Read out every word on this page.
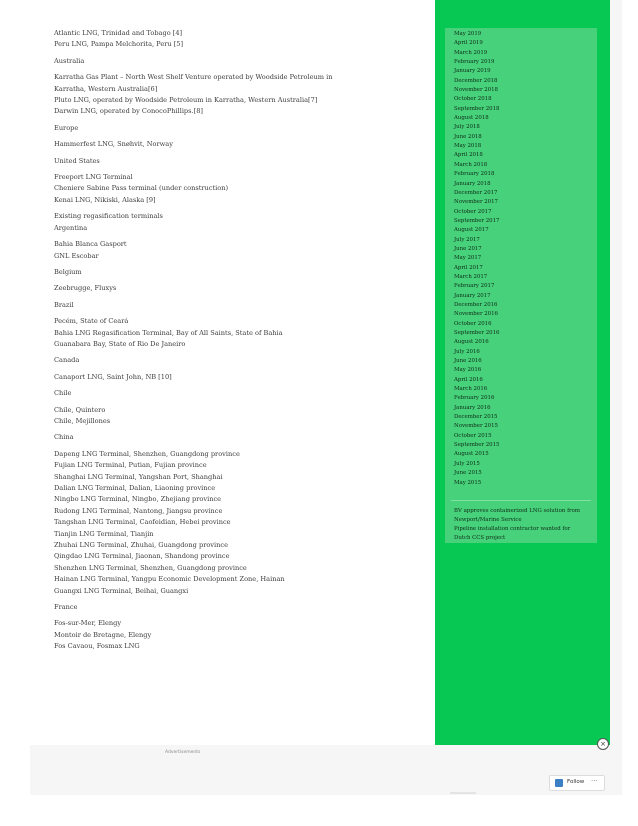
Atlantic LNG, Trinidad and Tobago [4]
Peru LNG, Pampa Melchorita, Peru [5]
Australia
Karratha Gas Plant – North West Shelf Venture operated by Woodside Petroleum in
Karratha, Western Australia[6]
Pluto LNG, operated by Woodside Petroleum in Karratha, Western Australia[7]
Darwin LNG, operated by ConocoPhillips.[8]
Europe
Hammerfest LNG, Snøhvit, Norway
United States
Freeport LNG Terminal
Cheniere Sabine Pass terminal (under construction)
Kenai LNG, Nikiski, Alaska [9]
Existing regasification terminals
Argentina
Bahia Blanca Gasport
GNL Escobar
Belgium
Zeebrugge, Fluxys
Brazil
Pecém, State of Ceará
Bahia LNG Regasification Terminal, Bay of All Saints, State of Bahia
Guanabara Bay, State of Rio De Janeiro
Canada
Canaport LNG, Saint John, NB [10]
Chile
Chile, Quintero
Chile, Mejillones
China
Dapeng LNG Terminal, Shenzhen, Guangdong province
Fujian LNG Terminal, Putian, Fujian province
Shanghai LNG Terminal, Yangshan Port, Shanghai
Dalian LNG Terminal, Dalian, Liaoning province
Ningbo LNG Terminal, Ningbo, Zhejiang province
Rudong LNG Terminal, Nantong, Jiangsu province
Tangshan LNG Terminal, Caofeidian, Hebei province
Tianjin LNG Terminal, Tianjin
Zhuhai LNG Terminal, Zhuhai, Guangdong province
Qingdao LNG Terminal, Jiaonan, Shandong province
Shenzhen LNG Terminal, Shenzhen, Guangdong province
Hainan LNG Terminal, Yangpu Economic Development Zone, Hainan
Guangxi LNG Terminal, Beihai, Guangxi
France
Fos-sur-Mer, Elengy
Montoir de Bretagne, Elengy
Fos Cavaou, Fosmax LNG
May 2019
April 2019
March 2019
February 2019
January 2019
December 2018
November 2018
October 2018
September 2018
August 2018
July 2018
June 2018
May 2018
April 2018
March 2018
February 2018
January 2018
December 2017
November 2017
October 2017
September 2017
August 2017
July 2017
June 2017
May 2017
April 2017
March 2017
February 2017
January 2017
December 2016
November 2016
October 2016
September 2016
August 2016
July 2016
June 2016
May 2016
April 2016
March 2016
February 2016
January 2016
December 2015
November 2015
October 2015
September 2015
August 2015
July 2015
June 2015
May 2015
BV approves containerized LNG solution from Newport/Marine Service
Pipeline installation contractor wanted for Dutch CCS project
Advertisements
×
Follow ···
